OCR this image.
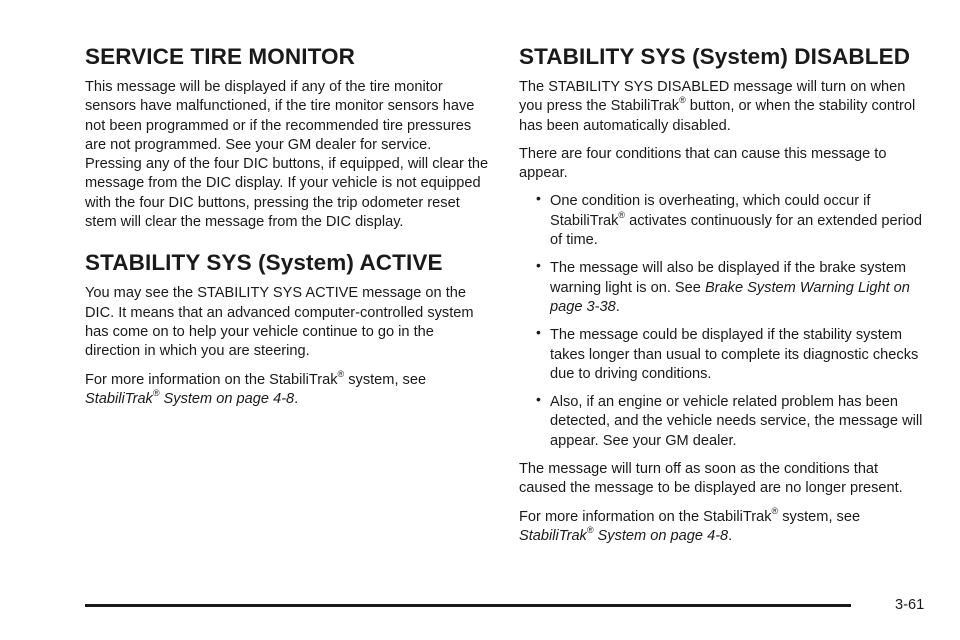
SERVICE TIRE MONITOR

This message will be displayed if any of the tire monitor sensors have malfunctioned, if the tire monitor sensors have not been programmed or if the recommended tire pressures are not programmed. See your GM dealer for service. Pressing any of the four DIC buttons, if equipped, will clear the message from the DIC display. If your vehicle is not equipped with the four DIC buttons, pressing the trip odometer reset stem will clear the message from the DIC display.

STABILITY SYS (System) ACTIVE

You may see the STABILITY SYS ACTIVE message on the DIC. It means that an advanced computer-controlled system has come on to help your vehicle continue to go in the direction in which you are steering.

For more information on the StabiliTrak® system, see StabiliTrak® System on page 4-8.

STABILITY SYS (System) DISABLED

The STABILITY SYS DISABLED message will turn on when you press the StabiliTrak® button, or when the stability control has been automatically disabled.

There are four conditions that can cause this message to appear.

• One condition is overheating, which could occur if StabiliTrak® activates continuously for an extended period of time.
• The message will also be displayed if the brake system warning light is on. See Brake System Warning Light on page 3-38.
• The message could be displayed if the stability system takes longer than usual to complete its diagnostic checks due to driving conditions.
• Also, if an engine or vehicle related problem has been detected, and the vehicle needs service, the message will appear. See your GM dealer.

The message will turn off as soon as the conditions that caused the message to be displayed are no longer present.

For more information on the StabiliTrak® system, see StabiliTrak® System on page 4-8.

3-61
